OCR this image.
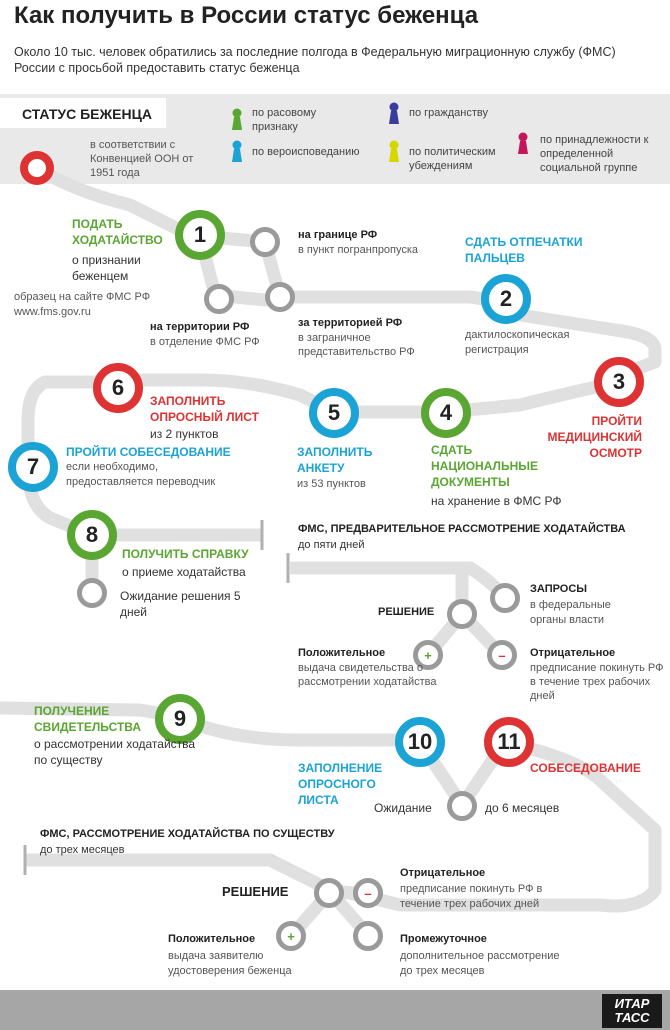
Как получить в России статус беженца
Около 10 тыс. человек обратились за последние полгода в Федеральную миграционную службу (ФМС) России с просьбой предоставить статус беженца
СТАТУС БЕЖЕНЦА	по расовому признаку
по гражданству
по вероисповеданию	по политическим убеждениям
по принадлежности к определенной социальной группе
в соответствии с Конвенцией ООН от 1951 года
1
ПОДАТЬ ХОДАТАЙСТВО
о признании беженцем
образец на сайте ФМС РФ www.fms.gov.ru
на границе РФ
в пункт погранпропуска
на территории РФ
в отделение ФМС РФ
за территорией РФ
в заграничное представительство РФ
2
СДАТЬ ОТПЕЧАТКИ ПАЛЬЦЕВ
дактилоскопическая регистрация
3
ПРОЙТИ МЕДИЦИНСКИЙ ОСМОТР
4
СДАТЬ НАЦИОНАЛЬНЫЕ ДОКУМЕНТЫ
на хранение в ФМС РФ
5
ЗАПОЛНИТЬ АНКЕТУ
из 53 пунктов
6
ЗАПОЛНИТЬ ОПРОСНЫЙ ЛИСТ
из 2 пунктов
7
ПРОЙТИ СОБЕСЕДОВАНИЕ
если необходимо, предоставляется переводчик
8
ПОЛУЧИТЬ СПРАВКУ
о приеме ходатайства
Ожидание решения 5 дней
ФМС, ПРЕДВАРИТЕЛЬНОЕ РАССМОТРЕНИЕ ХОДАТАЙСТВА
до пяти дней
РЕШЕНИЕ
ЗАПРОСЫ
в федеральные органы власти
+
Положительное
выдача свидетельства о рассмотрении ходатайства
– Отрицательное
предписание покинуть РФ в течение трех рабочих дней
9
ПОЛУЧЕНИЕ СВИДЕТЕЛЬСТВА
о рассмотрении ходатайства по существу
10
ЗАПОЛНЕНИЕ ОПРОСНОГО ЛИСТА
Ожидание	до 6 месяцев
11
СОБЕСЕДОВАНИЕ
ФМС, РАССМОТРЕНИЕ ХОДАТАЙСТВА ПО СУЩЕСТВУ
до трех месяцев
РЕШЕНИЕ	–
Отрицательное
предписание покинуть РФ в течение трех рабочих дней
+
Положительное
выдача заявителю удостоверения беженца
Промежуточное
дополнительное рассмотрение до трех месяцев
ИТАР
ТАСС
